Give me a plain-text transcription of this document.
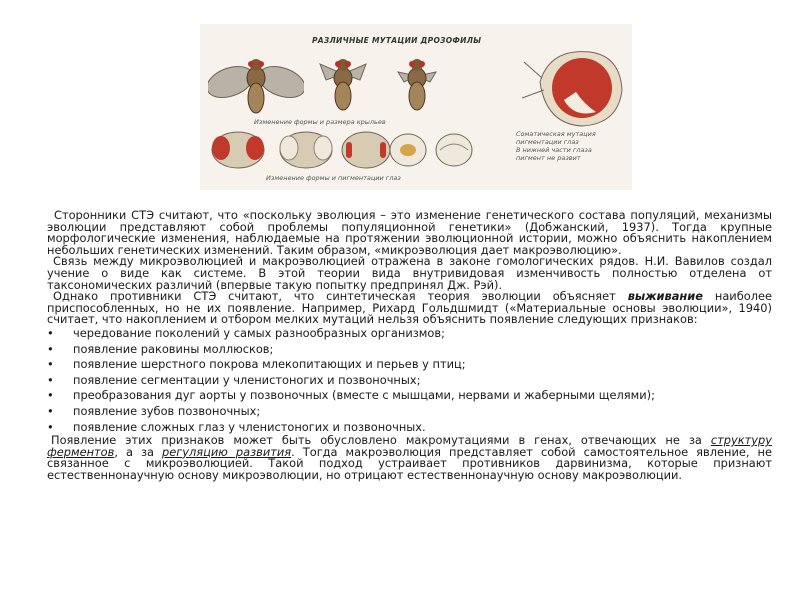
РАЗЛИЧНЫЕ МУТАЦИИ ДРОЗОФИЛЫ
Изменение формы и размера крыльев
Изменение формы и пигментации глаз
Соматическая мутация
пигментации глаз
В нижней части глаза
пигмент не развит

Сторонники СТЭ считают, что «поскольку эволюция – это изменение генетического состава популяций, механизмы эволюции представляют собой проблемы популяционной генетики» (Добжанский, 1937). Тогда крупные морфологические изменения, наблюдаемые на протяжении эволюционной истории, можно объяснить накоплением небольших генетических изменений. Таким образом, «микроэволюция дает макроэволюцию».

Связь между микроэволюцией и макроэволюцией отражена в законе гомологических рядов. Н.И. Вавилов создал учение о виде как системе. В этой теории вида внутривидовая изменчивость полностью отделена от таксономических различий (впервые такую попытку предпринял Дж. Рэй).

Однако противники СТЭ считают, что синтетическая теория эволюции объясняет выживание наиболее приспособленных, но не их появление. Например, Рихард Гольдшмидт («Материальные основы эволюции», 1940) считает, что накоплением и отбором мелких мутаций нельзя объяснить появление следующих признаков:

• чередование поколений у самых разнообразных организмов;
• появление раковины моллюсков;
• появление шерстного покрова млекопитающих и перьев у птиц;
• появление сегментации у членистоногих и позвоночных;
• преобразования дуг аорты у позвоночных (вместе с мышцами, нервами и жаберными щелями);
• появление зубов позвоночных;
• появление сложных глаз у членистоногих и позвоночных.

Появление этих признаков может быть обусловлено макромутациями в генах, отвечающих не за структуру ферментов, а за регуляцию развития. Тогда макроэволюция представляет собой самостоятельное явление, не связанное с микроэволюцией. Такой подход устраивает противников дарвинизма, которые признают естественнонаучную основу микроэволюции, но отрицают естественнонаучную основу макроэволюции.
